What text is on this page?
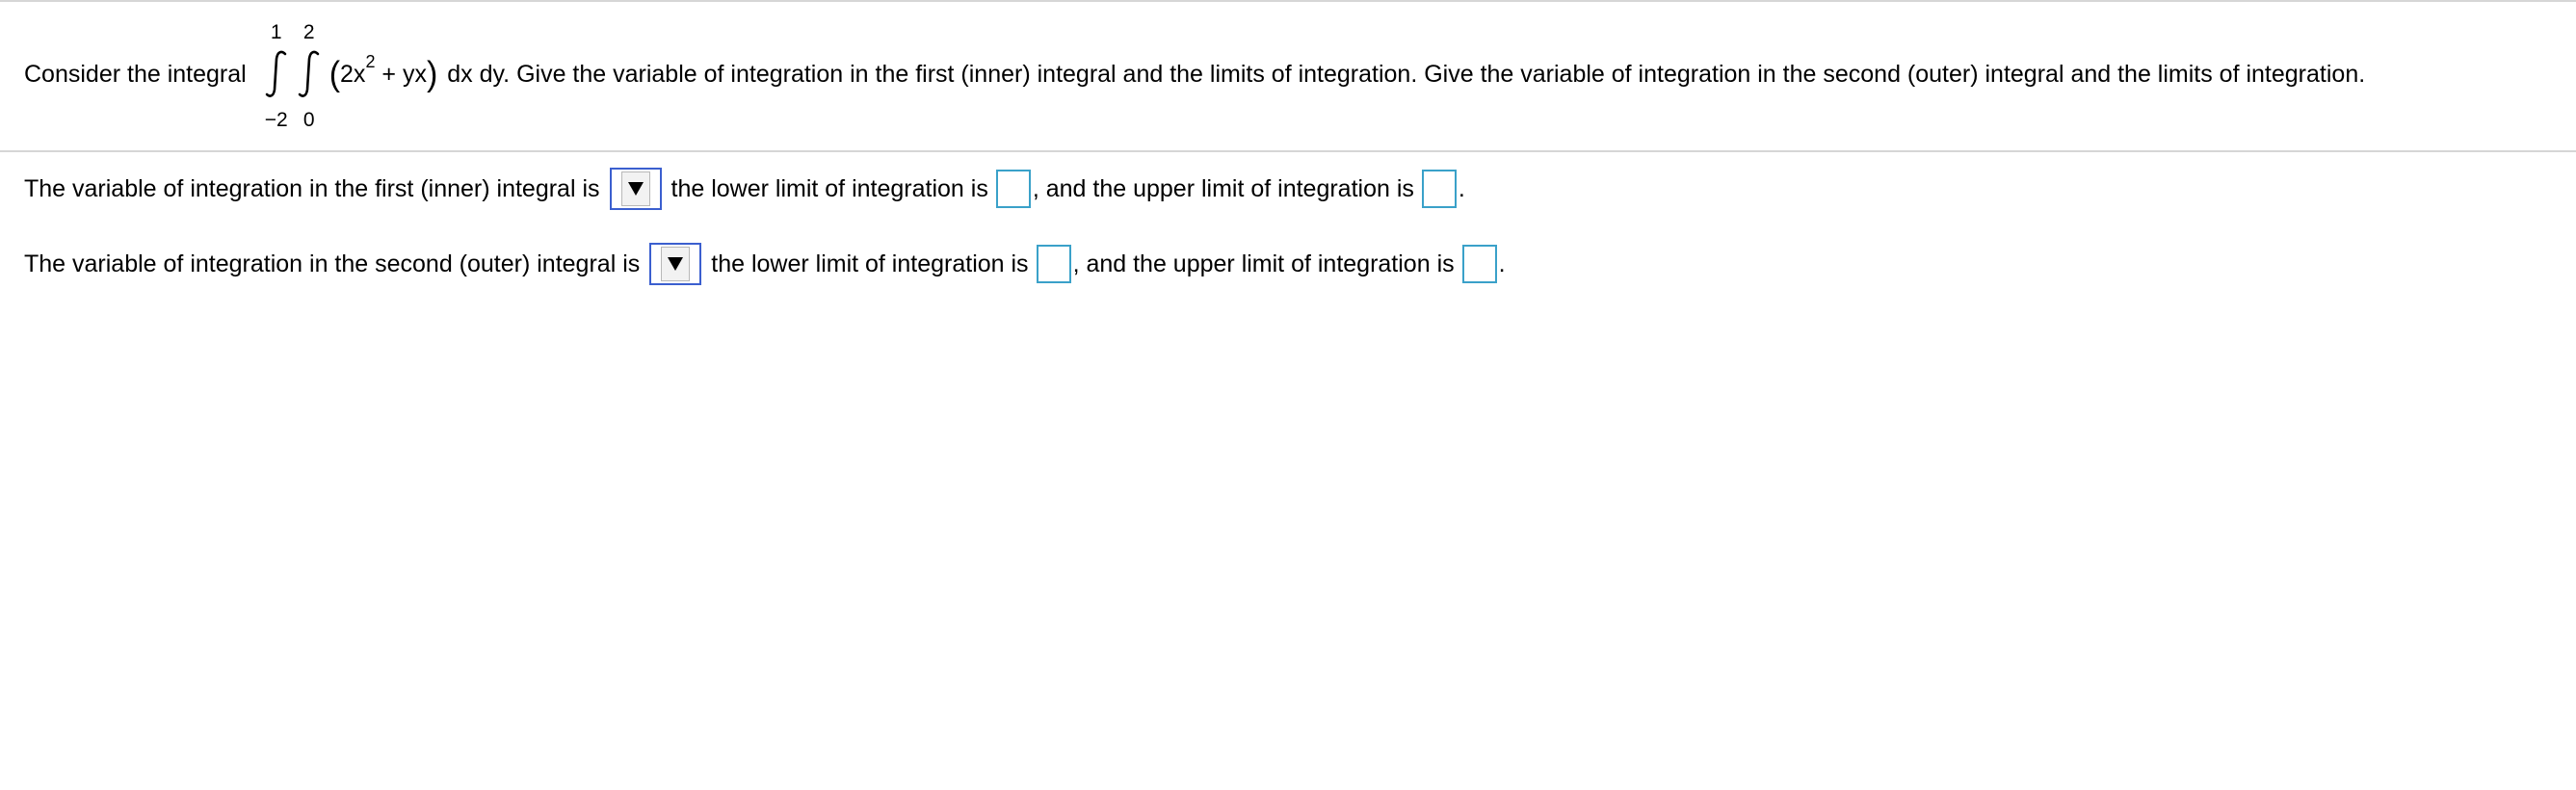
Consider the integral
1
−2
2
0
( 2x 2 + yx ) dx dy. Give the variable of integration in the first (inner) integral and the limits of integration. Give the variable of integration in the second (outer) integral and the limits of integration.
The variable of integration in the first (inner) integral is	the lower limit of integration is , and the upper limit of integration is .
The variable of integration in the second (outer) integral is	the lower limit of integration is , and the upper limit of integration is .
